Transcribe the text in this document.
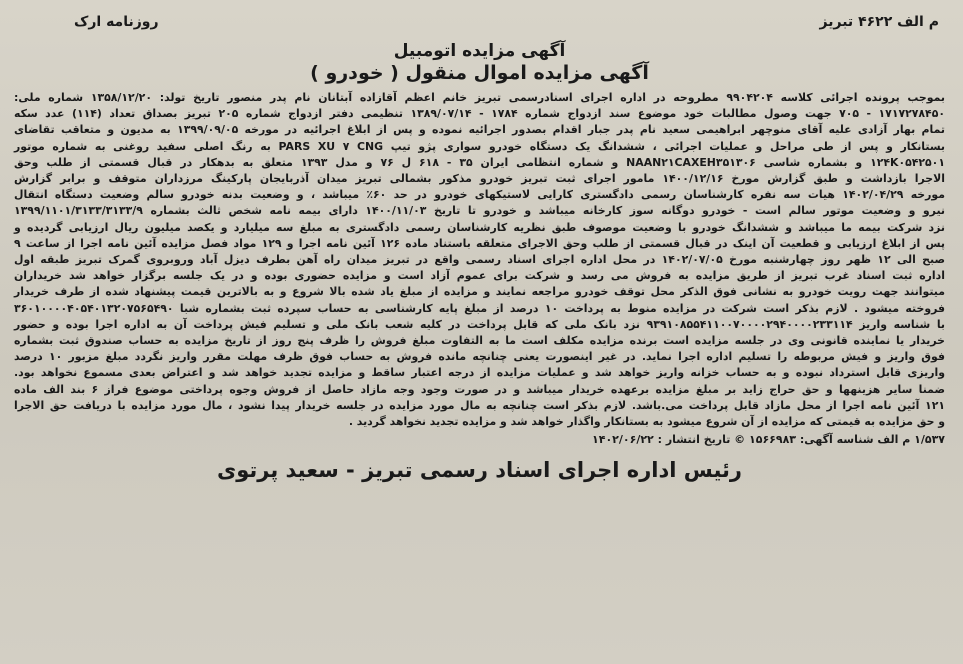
م الف ۴۶۲۲ تبریز
روزنامه ارک
آگهی مزایده اتومبیل
آگهی مزایده اموال منقول ( خودرو )

بموجب پرونده اجرائی کلاسه ۹۹۰۴۲۰۴ مطروحه در اداره اجرای اسنادرسمی تبریز خانم اعظم آقازاده آبتانان نام پدر منصور تاریخ تولد: ۱۳۵۸/۱۲/۲۰ شماره ملی:

۱۷۱۷۲۷۸۴۵۰ - ۷۰۵ جهت وصول مطالبات خود موضوع سند ازدواج شماره ۱۷۸۴ - ۱۳۸۹/۰۷/۱۴ تنظیمی دفتر ازدواج شماره ۲۰۵ تبریز بصداق تعداد (۱۱۴) عدد سکه

تمام بهار آزادی علیه آقای منوچهر ابراهیمی سعید نام پدر جبار اقدام بصدور اجرائیه نموده و پس از ابلاغ اجرائیه در مورخه ۱۳۹۹/۰۹/۰۵ به مدیون و متعاقب تقاضای

بستانکار و پس از طی مراحل و عملیات اجرائی ، ششدانگ یک دستگاه خودرو سواری پژو تیپ PARS XU ۷ CNG به رنگ اصلی سفید روغنی به شماره موتور

۱۲۴K۰۵۴۲۵۰۱ و بشماره شاسی NAAN۲۱CAXEH۳۵۱۳۰۶ و شماره انتظامی ایران ۳۵ - ۶۱۸ ل ۷۶ و مدل ۱۳۹۳ متعلق به بدهکار در قبال قسمتی از طلب وحق

الاجرا بازداشت و طبق گزارش مورخ ۱۴۰۰/۱۲/۱۶ مامور اجرای ثبت تبریز خودرو مذکور بشمالی تبریز میدان آذربایجان پارکینگ مرزداران متوقف و برابر گزارش

مورخه ۱۴۰۲/۰۴/۲۹ هیات سه نفره کارشناسان رسمی دادگستری کارایی لاستیکهای خودرو در حد ۶۰٪ میباشد ، و وضعیت بدنه خودرو سالم وضعیت دستگاه انتقال

نیرو و وضعیت موتور سالم است - خودرو دوگانه سوز کارخانه میباشد و خودرو تا تاریخ ۱۴۰۰/۱۱/۰۳ دارای بیمه نامه شخص ثالث بشماره ۱۳۹۹/۱۱۰۱/۳۱۳۳/۳۱۳۳/۹

نزد شرکت بیمه ما میباشد و ششدانگ خودرو با وضعیت موصوف طبق نظریه کارشناسان رسمی دادگستری به مبلغ سه میلیارد و یکصد میلیون ریال ارزیابی گردیده و

پس از ابلاغ ارزیابی و قطعیت آن اینک در قبال قسمتی از طلب وحق الاجرای متعلقه باستناد ماده ۱۲۶ آئین نامه اجرا و ۱۲۹ مواد فصل مزایده آئین نامه اجرا از ساعت ۹

صبح الی ۱۲ ظهر روز چهارشنبه مورخ ۱۴۰۲/۰۷/۰۵ در محل اداره اجرای اسناد رسمی واقع در تبریز میدان راه آهن بطرف دیزل آباد وروبروی گمرک تبریز طبقه اول

اداره ثبت اسناد غرب تبریز از طریق مزایده به فروش می رسد و شرکت برای عموم آزاد است و مزایده حضوری بوده و در یک جلسه برگزار خواهد شد خریداران

میتوانند جهت رویت خودرو به نشانی فوق الذکر محل توقف خودرو مراجعه نمایند و مزایده از مبلغ یاد شده بالا شروع و به بالاترین قیمت پیشنهاد شده از طرف خریدار

فروخته میشود . لازم بذکر است شرکت در مزایده منوط به پرداخت ۱۰ درصد از مبلغ پایه کارشناسی به حساب سپرده ثبت بشماره شبا ۳۶۰۱۰۰۰۰۴۰۵۴۰۱۳۲۰۷۵۶۵۴۹۰

با شناسه واریز ۹۳۹۱۰۸۵۵۴۱۱۰۰۷۰۰۰۰۲۹۴۰۰۰۰۲۳۳۱۱۴ نزد بانک ملی که قابل پرداخت در کلیه شعب بانک ملی و تسلیم فیش پرداخت آن به اداره اجرا بوده و حضور

خریدار یا نماینده قانونی وی در جلسه مزایده است برنده مزایده مکلف است ما به التفاوت مبلغ فروش را ظرف پنج روز از تاریخ مزایده به حساب صندوق ثبت بشماره

فوق واریز و فیش مربوطه را تسلیم اداره اجرا نماید. در غیر اینصورت یعنی چنانچه مانده فروش به حساب فوق ظرف مهلت مقرر واریز نگردد مبلغ مزبور ۱۰ درصد

واریزی قابل استرداد نبوده و به حساب خزانه واریز خواهد شد و عملیات مزایده از درجه اعتبار ساقط و مزایده تجدید خواهد شد و اعتراض بعدی مسموع نخواهد بود.

ضمنا سایر هزینهها و حق حراج زاید بر مبلغ مزایده برعهده خریدار میباشد و در صورت وجود وجه مازاد حاصل از فروش وجوه پرداختی موضوع فراز ۶ بند الف ماده

۱۲۱ آئین نامه اجرا از محل مازاد قابل پرداخت می.باشد. لازم بذکر است چنانچه به مال مورد مزایده در جلسه خریدار پیدا نشود ، مال مورد مزایده با دریافت حق الاجرا

و حق مزایده به قیمتی که مزایده از آن شروع میشود به بستانکار واگذار خواهد شد و مزایده تجدید نخواهد گردید .

۱/۵۳۷ م الف شناسه آگهی: ۱۵۶۶۹۸۳ © تاریخ انتشار : ۱۴۰۲/۰۶/۲۲
رئیس اداره اجرای اسناد رسمی تبریز - سعید پرتوی
